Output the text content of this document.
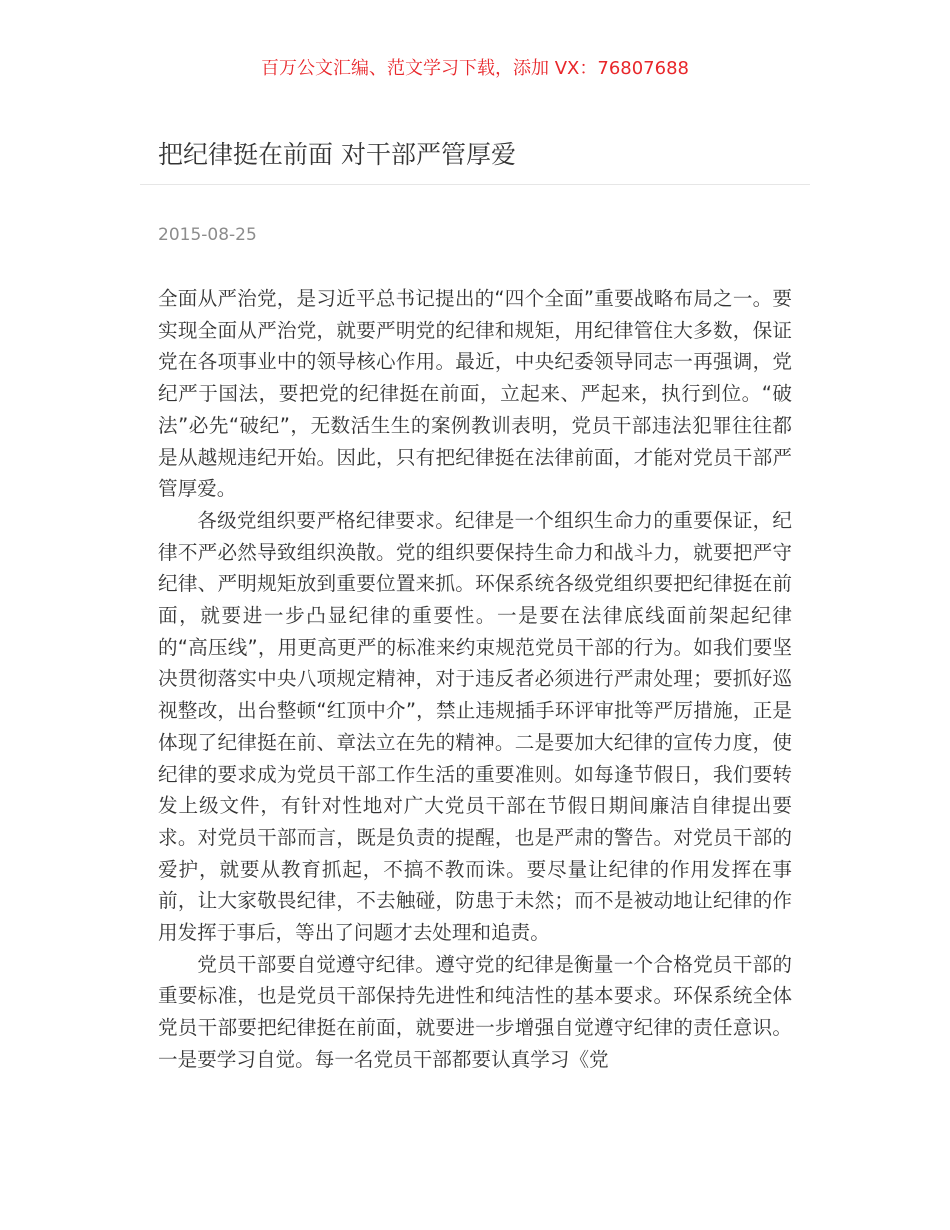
百万公文汇编、范文学习下载，添加 VX：76807688
把纪律挺在前面 对干部严管厚爱
2015-08-25

全面从严治党，是习近平总书记提出的“四个全面”重要战略布局之一。要实现全面从严治党，就要严明党的纪律和规矩，用纪律管住大多数，保证党在各项事业中的领导核心作用。最近，中央纪委领导同志一再强调，党纪严于国法，要把党的纪律挺在前面，立起来、严起来，执行到位。“破法”必先“破纪”，无数活生生的案例教训表明，党员干部违法犯罪往往都是从越规违纪开始。因此，只有把纪律挺在法律前面，才能对党员干部严管厚爱。

各级党组织要严格纪律要求。纪律是一个组织生命力的重要保证，纪律不严必然导致组织涣散。党的组织要保持生命力和战斗力，就要把严守纪律、严明规矩放到重要位置来抓。环保系统各级党组织要把纪律挺在前面，就要进一步凸显纪律的重要性。一是要在法律底线面前架起纪律的“高压线”，用更高更严的标准来约束规范党员干部的行为。如我们要坚决贯彻落实中央八项规定精神，对于违反者必须进行严肃处理；要抓好巡视整改，出台整顿“红顶中介”，禁止违规插手环评审批等严厉措施，正是体现了纪律挺在前、章法立在先的精神。二是要加大纪律的宣传力度，使纪律的要求成为党员干部工作生活的重要准则。如每逢节假日，我们要转发上级文件，有针对性地对广大党员干部在节假日期间廉洁自律提出要求。对党员干部而言，既是负责的提醒，也是严肃的警告。对党员干部的爱护，就要从教育抓起，不搞不教而诛。要尽量让纪律的作用发挥在事前，让大家敬畏纪律，不去触碰，防患于未然；而不是被动地让纪律的作用发挥于事后，等出了问题才去处理和追责。

党员干部要自觉遵守纪律。遵守党的纪律是衡量一个合格党员干部的重要标准，也是党员干部保持先进性和纯洁性的基本要求。环保系统全体党员干部要把纪律挺在前面，就要进一步增强自觉遵守纪律的责任意识。一是要学习自觉。每一名党员干部都要认真学习《党
